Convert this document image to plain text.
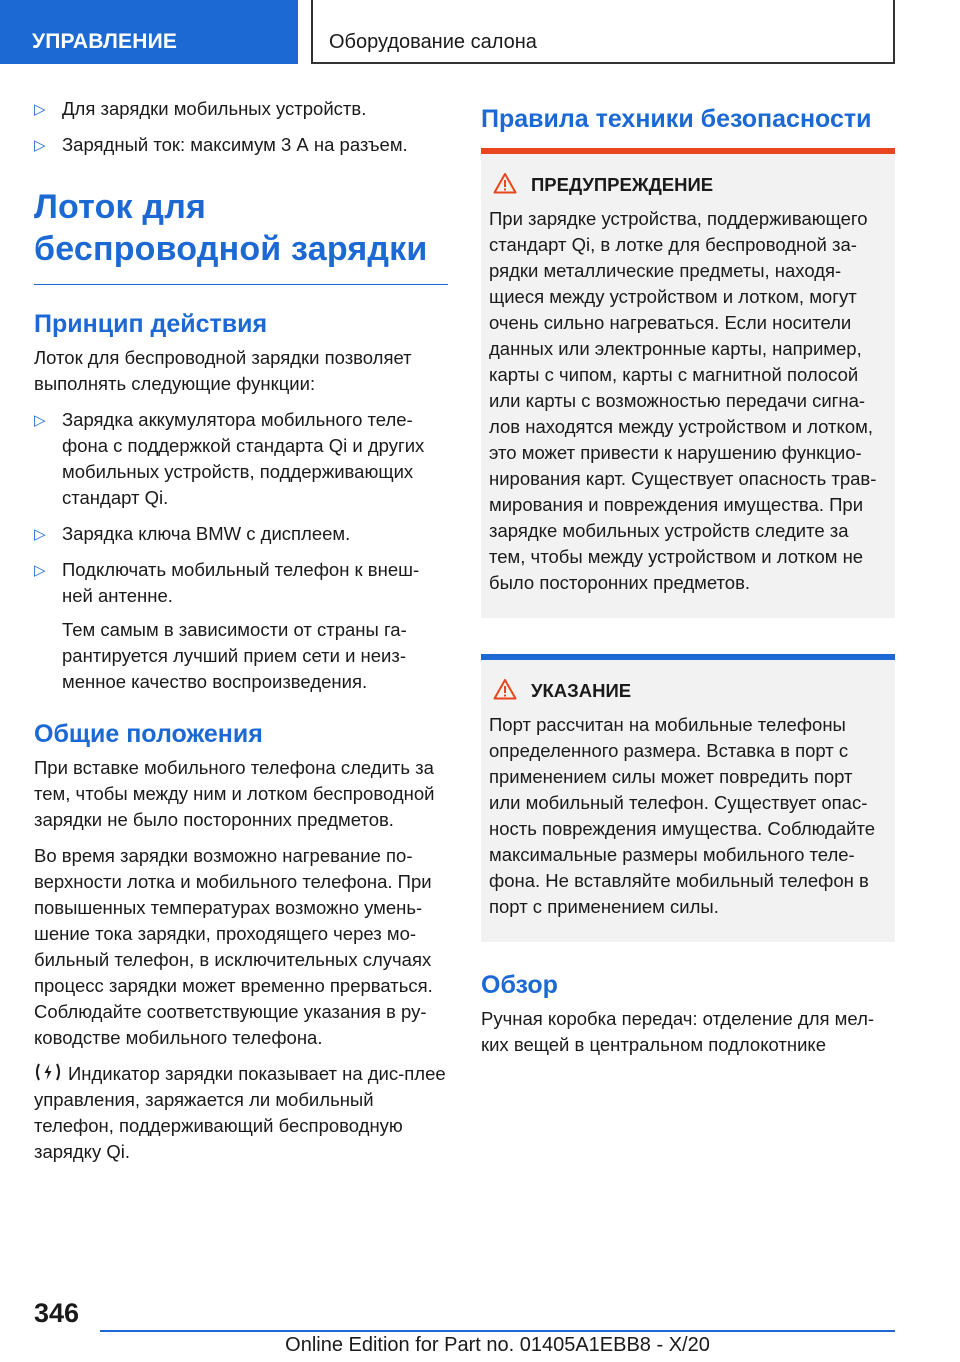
УПРАВЛЕНИЕ	Оборудование салона
▷ Для зарядки мобильных устройств.
▷ Зарядный ток: максимум 3 А на разъем.
Лоток для беспроводной зарядки
Принцип действия

Лоток для беспроводной зарядки позволяет выполнять следующие функции:

▷ Зарядка аккумулятора мобильного теле-фона с поддержкой стандарта Qi и других мобильных устройств, поддерживающих стандарт Qi.
▷ Зарядка ключа BMW с дисплеем.
▷ Подключать мобильный телефон к внеш-ней антенне.
Тем самым в зависимости от страны га-рантируется лучший прием сети и неиз-менное качество воспроизведения.
Общие положения

При вставке мобильного телефона следить за тем, чтобы между ним и лотком беспроводной зарядки не было посторонних предметов.

Во время зарядки возможно нагревание по-верхности лотка и мобильного телефона. При повышенных температурах возможно умень-шение тока зарядки, проходящего через мо-бильный телефон, в исключительных случаях процесс зарядки может временно прерваться. Соблюдайте соответствующие указания в ру-ководстве мобильного телефона.

Индикатор зарядки показывает на дис-плее управления, заряжается ли мобильный телефон, поддерживающий беспроводную зарядку Qi.

Правила техники безопасности
ПРЕДУПРЕЖДЕНИЕ

При зарядке устройства, поддерживающего стандарт Qi, в лотке для беспроводной за-рядки металлические предметы, находя-щиеся между устройством и лотком, могут очень сильно нагреваться. Если носители данных или электронные карты, например, карты с чипом, карты с магнитной полосой или карты с возможностью передачи сигна-лов находятся между устройством и лотком, это может привести к нарушению функцио-нирования карт. Существует опасность трав-мирования и повреждения имущества. При зарядке мобильных устройств следите за тем, чтобы между устройством и лотком не было посторонних предметов.

УКАЗАНИЕ

Порт рассчитан на мобильные телефоны определенного размера. Вставка в порт с применением силы может повредить порт или мобильный телефон. Существует опас-ность повреждения имущества. Соблюдайте максимальные размеры мобильного теле-фона. Не вставляйте мобильный телефон в порт с применением силы.

Обзор

Ручная коробка передач: отделение для мел-ких вещей в центральном подлокотнике

346
Online Edition for Part no. 01405A1EBB8 - X/20
